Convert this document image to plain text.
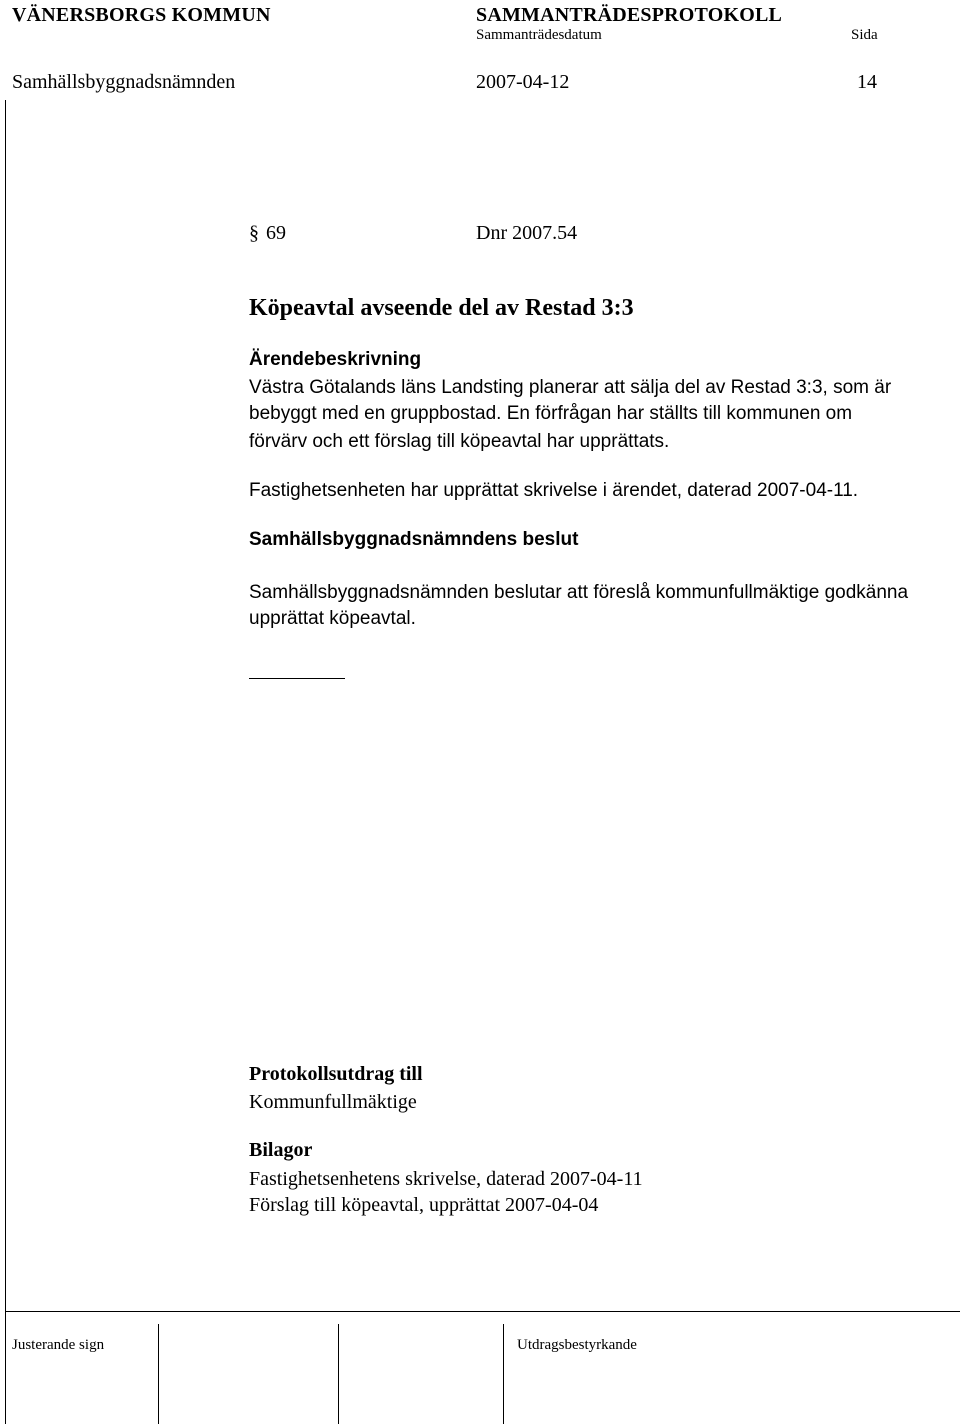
VÄNERSBORGS KOMMUN	SAMMANTRÄDESPROTOKOLL
Sammanträdesdatum	Sida
Samhällsbyggnadsnämnden	2007-04-12	14
§ 69	Dnr 2007.54
Köpeavtal avseende del av Restad 3:3
Ärendebeskrivning
Västra Götalands läns Landsting planerar att sälja del av Restad 3:3, som är
bebyggt med en gruppbostad. En förfrågan har ställts till kommunen om
förvärv och ett förslag till köpeavtal har upprättats.
Fastighetsenheten har upprättat skrivelse i ärendet, daterad 2007-04-11.
Samhällsbyggnadsnämndens beslut
Samhällsbyggnadsnämnden beslutar att föreslå kommunfullmäktige godkänna
upprättat köpeavtal.
Protokollsutdrag till
Kommunfullmäktige
Bilagor
Fastighetsenhetens skrivelse, daterad 2007-04-11
Förslag till köpeavtal, upprättat 2007-04-04
Justerande sign	Utdragsbestyrkande
